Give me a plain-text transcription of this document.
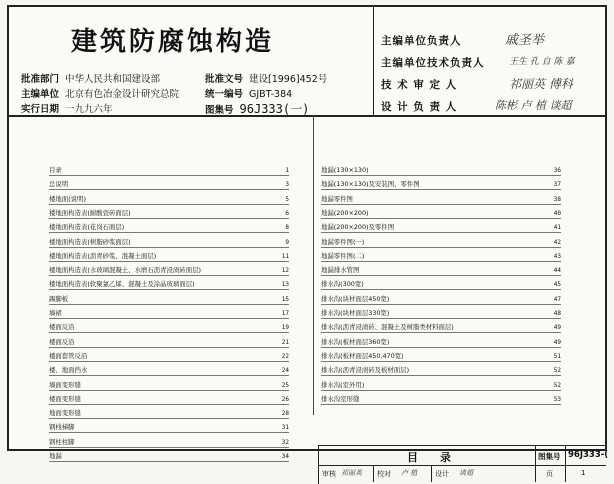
建筑防腐蚀构造
批准部门 中华人民共和国建设部	批准文号 建设[1996]452号
主编单位 北京有色冶金设计研究总院	统一编号 GJBT-384
实行日期 一九九六年	图集号 96J333(一)
主编单位负责人	戚圣举
主编单位技术负责人	王生 孔 自 陈 嘉
技 术 审 定 人	祁丽英 傅科
设 计 负 责 人	陈彬 卢 植 谈超
目录	1
总说明	3
楼地面(说明)	5
楼地面构造表(耐酸瓷砖面层)	6
楼地面构造表(花岗石面层)	8
楼地面构造表(树脂砂浆面层)	9
楼地面构造表(沥青砂浆、混凝土面层)	11
楼地面构造表(水玻璃混凝土、水磨石沥青浸渍砖面层)	12
楼地面构造表(软聚氯乙烯、混凝土及涂晶玻璃面层)	13
踢脚板	15
墙裙	17
楼面反沿	19
楼面反沿	21
楼面套管反沿	22
楼、地面挡水	24
墙面变形缝	25
楼面变形缝	26
地面变形缝	28
钢栈梯脚	31
钢柱柱脚	32
地漏	34
地漏(130×130)	36
地漏(130×130)及安装图、零件图	37
地漏零件图	38
地漏(200×200)	40
地漏(200×200)及零件图	41
地漏零件图(一)	42
地漏零件图(二)	43
地漏排水管图	44
排水沟(300宽)	45
排水沟(块材面层450宽)	47
排水沟(块材面层330宽)	48
排水沟(沥青浸渍砖、混凝土及树脂类材料面层)	49
排水沟(板材面层360宽)	49
排水沟(板材面层450,470宽)	51
排水沟(沥青浸渍砖及板材面层)	52
排水沟(室外用)	52
排水沟室形缝	53
目　　录	图集号 96J333-(
审核 祁丽英 校对 卢 植	设计 谈超	页	1
